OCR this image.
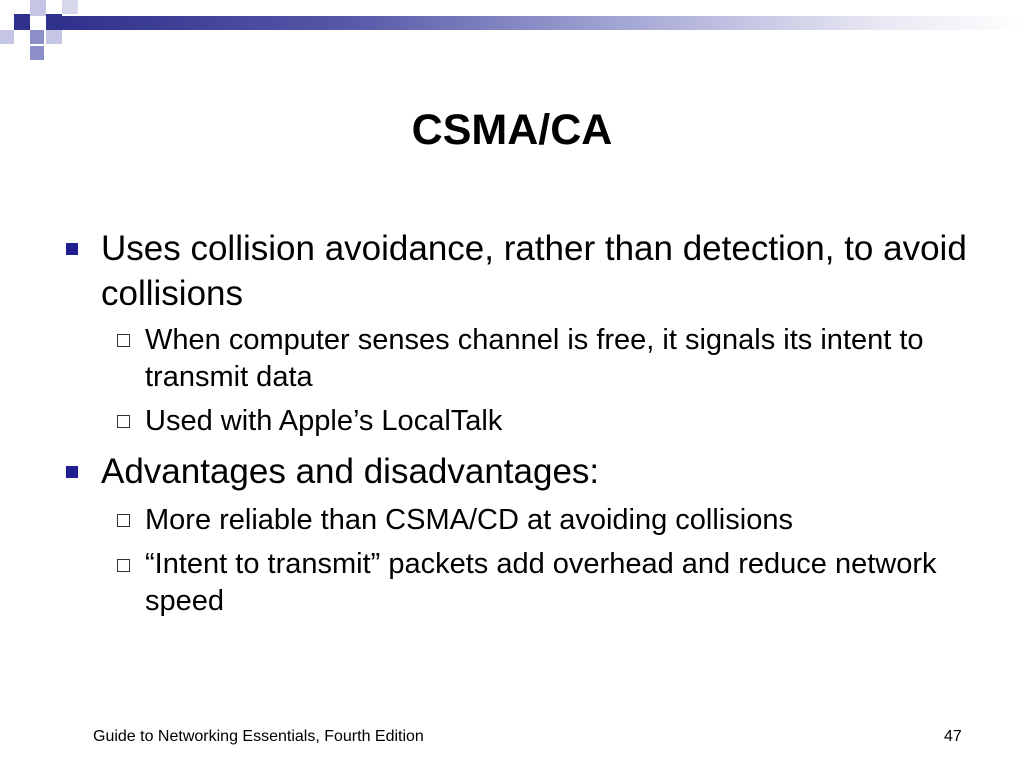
CSMA/CA
Uses collision avoidance, rather than detection, to avoid collisions
When computer senses channel is free, it signals its intent to transmit data
Used with Apple’s LocalTalk
Advantages and disadvantages:
More reliable than CSMA/CD at avoiding collisions
“Intent to transmit” packets add overhead and reduce network speed
Guide to Networking Essentials, Fourth Edition	47
